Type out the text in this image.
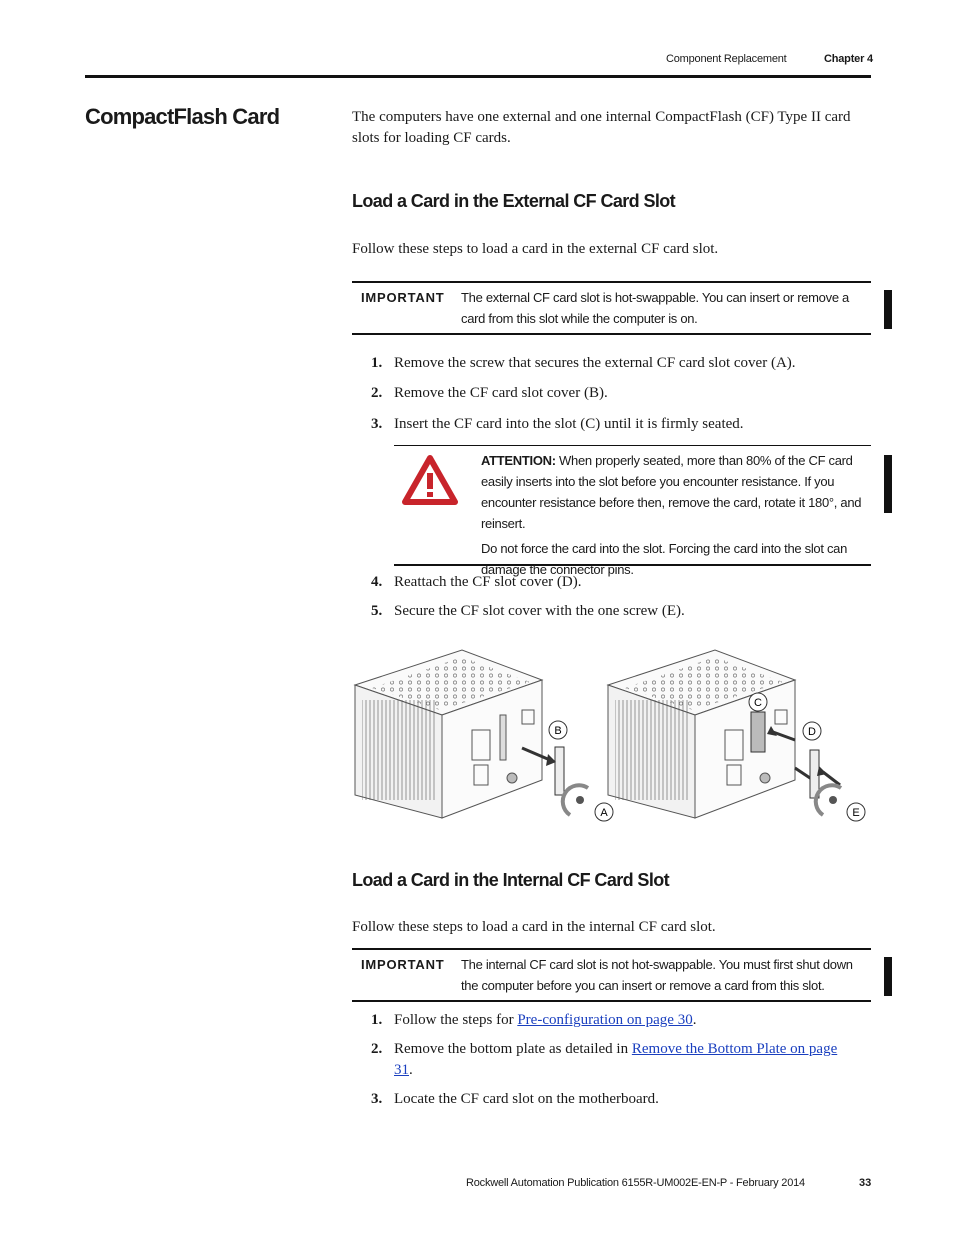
Component Replacement	Chapter 4
CompactFlash Card	The computers have one external and one internal CompactFlash (CF) Type II card slots for loading CF cards.
Load a Card in the External CF Card Slot
Follow these steps to load a card in the external CF card slot.
IMPORTANT The external CF card slot is hot-swappable. You can insert or remove a card from this slot while the computer is on.
1. Remove the screw that secures the external CF card slot cover (A).
2. Remove the CF card slot cover (B).
3. Insert the CF card into the slot (C) until it is firmly seated.

ATTENTION: When properly seated, more than 80% of the CF card easily inserts into the slot before you encounter resistance. If you encounter resistance before then, remove the card, rotate it 180°, and reinsert.

Do not force the card into the slot. Forcing the card into the slot can damage the connector pins.

4. Reattach the CF slot cover (D).
5. Secure the CF slot cover with the one screw (E).
B
A
C
D
E
Load a Card in the Internal CF Card Slot
Follow these steps to load a card in the internal CF card slot.
IMPORTANT The internal CF card slot is not hot-swappable. You must first shut down the computer before you can insert or remove a card from this slot.
1. Follow the steps for Pre-configuration on page 30.
2. Remove the bottom plate as detailed in Remove the Bottom Plate on page 31.
3. Locate the CF card slot on the motherboard.
Rockwell Automation Publication 6155R-UM002E-EN-P - February 2014	33
